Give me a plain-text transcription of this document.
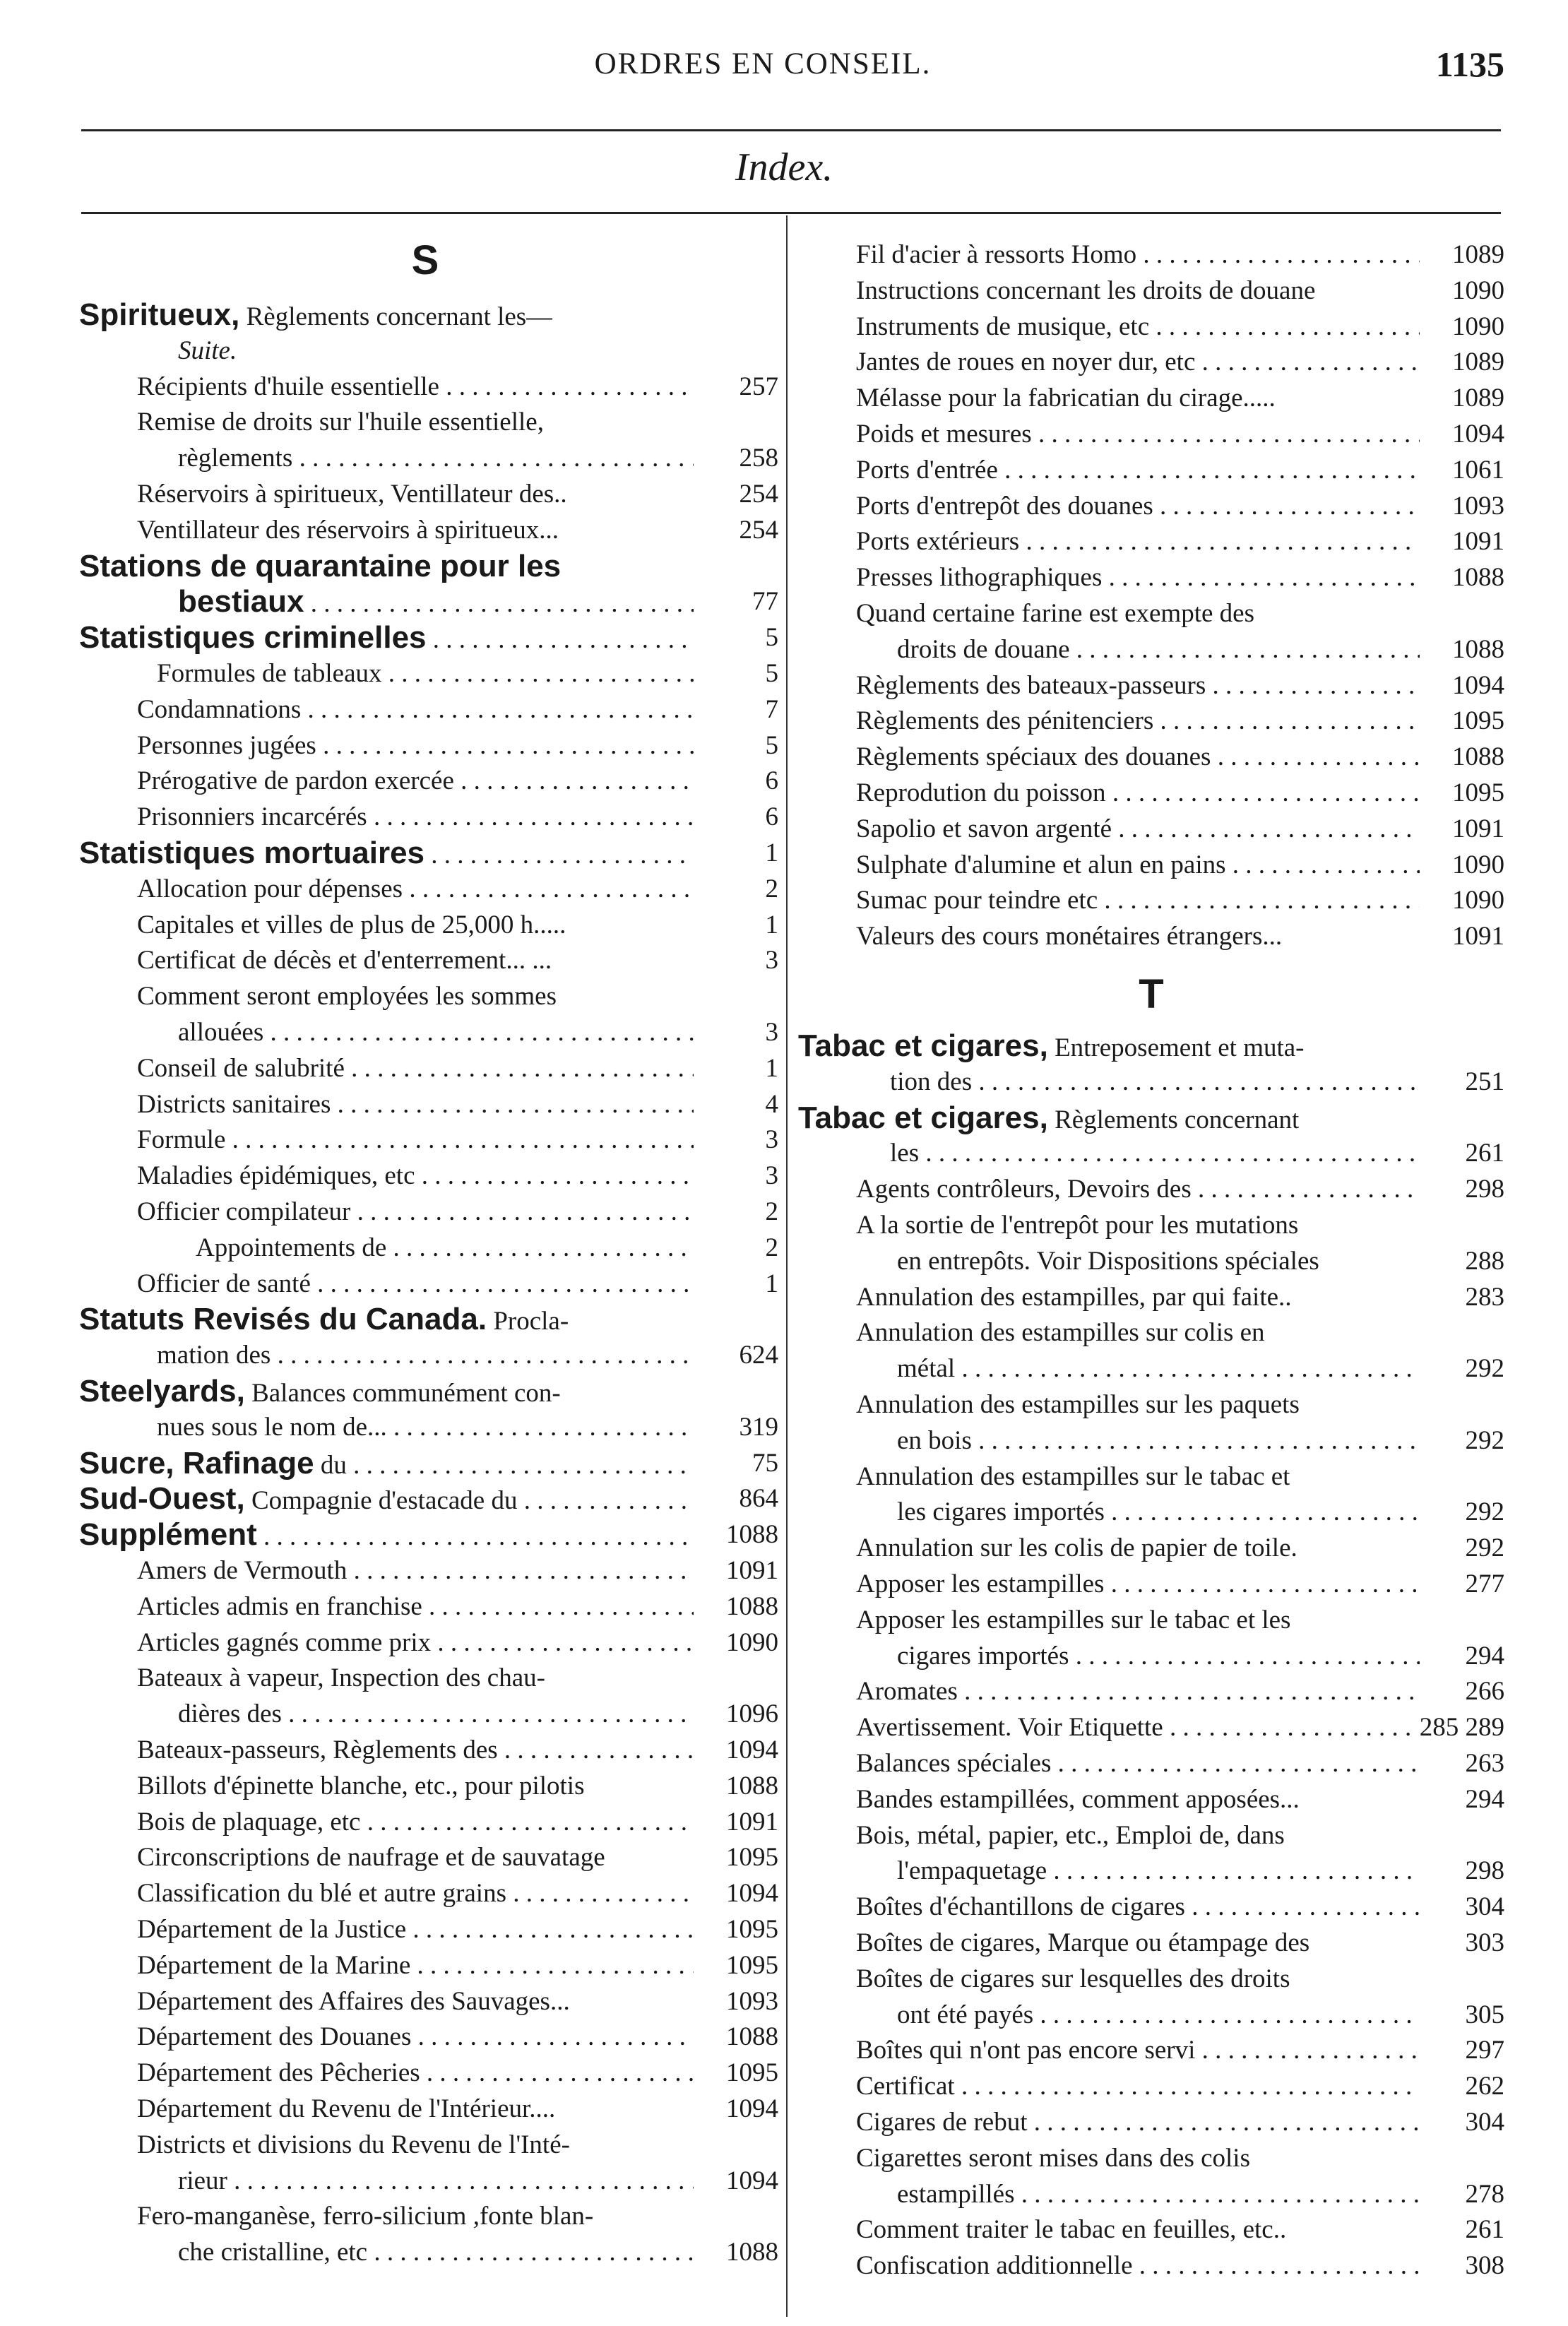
ORDRES EN CONSEIL.	1135
Index.
S
Spiritueux, Règlements concernant les—
Suite.
Récipients d'huile essentielle . . .	257
Remise de droits sur l'huile essentielle,
règlements . . .	258
Réservoirs à spiritueux, Ventillateur des..	254
Ventillateur des réservoirs à spiritueux...	254
Stations de quarantaine pour les
bestiaux . . .	77
Statistiques criminelles . . .	5
Formules de tableaux . . .	5
Condamnations . . .	7
Personnes jugées . . .	5
Prérogative de pardon exercée . . .	6
Prisonniers incarcérés . . .	6
Statistiques mortuaires . . .	1
Allocation pour dépenses . . .	2
Capitales et villes de plus de 25,000 h.....	1
Certificat de décès et d'enterrement... ...	3
Comment seront employées les sommes
allouées . . .	3
Conseil de salubrité . . .	1
Districts sanitaires . . .	4
Formule . . .	3
Maladies épidémiques, etc . . .	3
Officier compilateur . . .	2
Appointements de . . .	2
Officier de santé . . .	1
Statuts Revisés du Canada. Procla-
mation des . . .	624
Steelyards, Balances communément con-
nues sous le nom de... . . .	319
Sucre, Rafinage du . . .	75
Sud-Ouest, Compagnie d'estacade du . . .	864
Supplément . . .	1088
Amers de Vermouth . . .	1091
Articles admis en franchise . . .	1088
Articles gagnés comme prix . . .	1090
Bateaux à vapeur, Inspection des chau-
dières des . . .	1096
Bateaux-passeurs, Règlements des . . .	1094
Billots d'épinette blanche, etc., pour pilotis	1088
Bois de plaquage, etc . . .	1091
Circonscriptions de naufrage et de sauvatage	1095
Classification du blé et autre grains . . .	1094
Département de la Justice . . .	1095
Département de la Marine . . .	1095
Département des Affaires des Sauvages...	1093
Département des Douanes . . .	1088
Département des Pêcheries . . .	1095
Département du Revenu de l'Intérieur....	1094
Districts et divisions du Revenu de l'Inté-
rieur . . .	1094
Fero-manganèse, ferro-silicium ,fonte blan-
che cristalline, etc . . .	1088
Fil d'acier à ressorts Homo . . .	1089
Instructions concernant les droits de douane	1090
Instruments de musique, etc . . .	1090
Jantes de roues en noyer dur, etc . . .	1089
Mélasse pour la fabricatian du cirage.....	1089
Poids et mesures . . .	1094
Ports d'entrée . . .	1061
Ports d'entrepôt des douanes . . .	1093
Ports extérieurs . . .	1091
Presses lithographiques . . .	1088
Quand certaine farine est exempte des
droits de douane . . .	1088
Règlements des bateaux-passeurs . . .	1094
Règlements des pénitenciers . . .	1095
Règlements spéciaux des douanes . . .	1088
Reprodution du poisson . . .	1095
Sapolio et savon argenté . . .	1091
Sulphate d'alumine et alun en pains . . .	1090
Sumac pour teindre etc . . .	1090
Valeurs des cours monétaires étrangers...	1091
T
Tabac et cigares, Entreposement et muta-
tion des . . .	251
Tabac et cigares, Règlements concernant
les . . .	261
Agents contrôleurs, Devoirs des . . .	298
A la sortie de l'entrepôt pour les mutations
en entrepôts. Voir Dispositions spéciales	288
Annulation des estampilles, par qui faite..	283
Annulation des estampilles sur colis en
métal . . .	292
Annulation des estampilles sur les paquets
en bois . . .	292
Annulation des estampilles sur le tabac et
les cigares importés . . .	292
Annulation sur les colis de papier de toile.	292
Apposer les estampilles . . .	277
Apposer les estampilles sur le tabac et les
cigares importés . . .	294
Aromates . . .	266
Avertissement. Voir Etiquette . . .	285 289
Balances spéciales . . .	263
Bandes estampillées, comment apposées...	294
Bois, métal, papier, etc., Emploi de, dans
l'empaquetage . . .	298
Boîtes d'échantillons de cigares . . .	304
Boîtes de cigares, Marque ou étampage des	303
Boîtes de cigares sur lesquelles des droits
ont été payés . . .	305
Boîtes qui n'ont pas encore servi . . .	297
Certificat . . .	262
Cigares de rebut . . .	304
Cigarettes seront mises dans des colis
estampillés . . .	278
Comment traiter le tabac en feuilles, etc..	261
Confiscation additionnelle . . .	308
